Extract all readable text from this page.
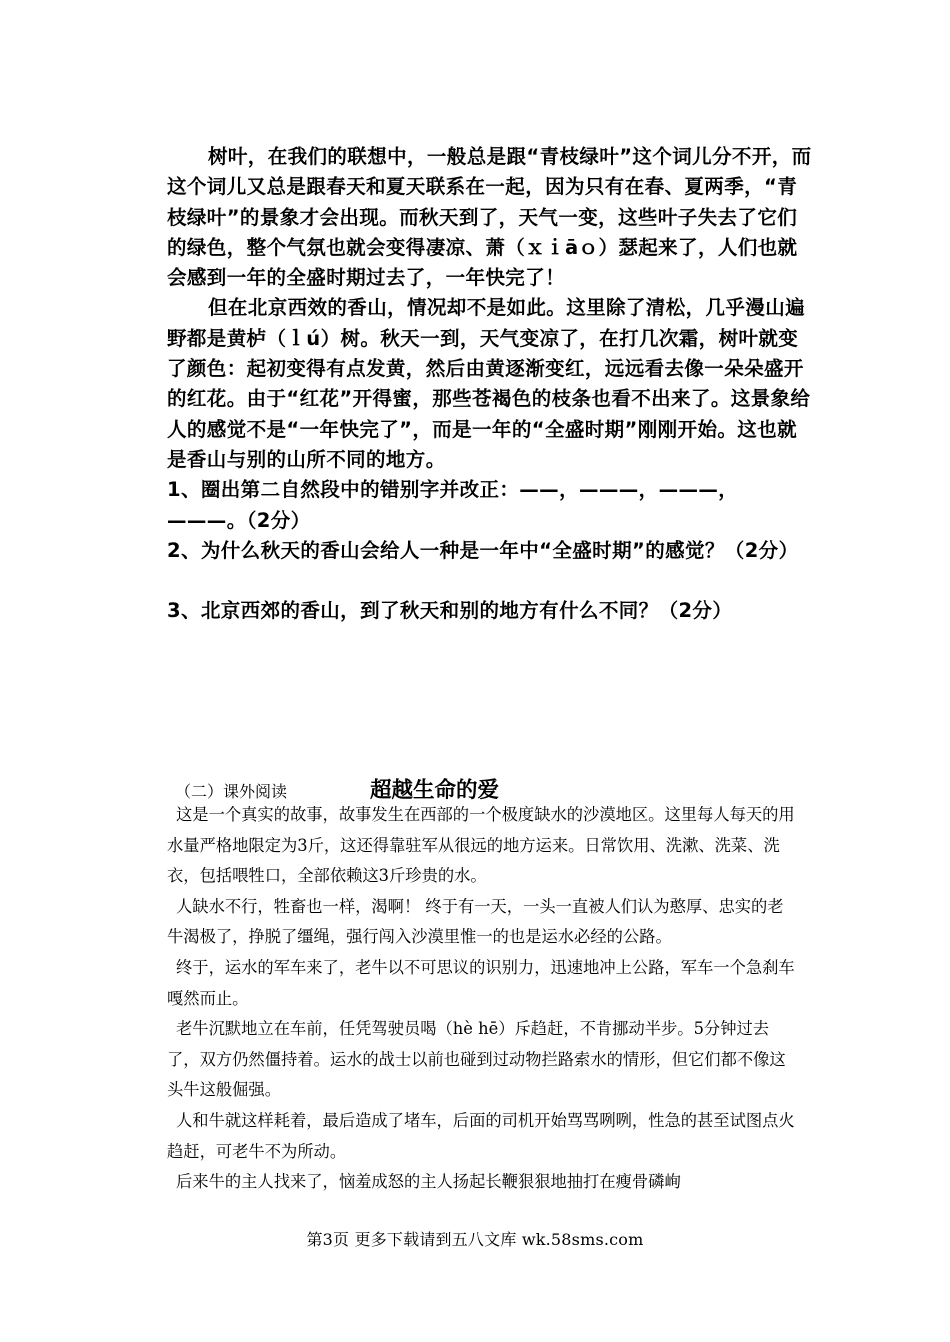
树叶，在我们的联想中，一般总是跟“青枝绿叶”这个词儿分不开，而这个词儿又总是跟春天和夏天联系在一起，因为只有在春、夏两季，“青枝绿叶”的景象才会出现。而秋天到了，天气一变，这些叶子失去了它们的绿色，整个气氛也就会变得凄凉、萧（ｘｉāｏ）瑟起来了，人们也就会感到一年的全盛时期过去了，一年快完了！

但在北京西效的香山，情况却不是如此。这里除了清松，几乎漫山遍野都是黄栌（ｌú）树。秋天一到，天气变凉了，在打几次霜，树叶就变了颜色：起初变得有点发黄，然后由黄逐渐变红，远远看去像一朵朵盛开的红花。由于“红花”开得蜜，那些苍褐色的枝条也看不出来了。这景象给人的感觉不是“一年快完了”，而是一年的“全盛时期”刚刚开始。这也就是香山与别的山所不同的地方。

1、圈出第二自然段中的错别字并改正：——，———，———，———。（2分）

2、为什么秋天的香山会给人一种是一年中“全盛时期”的感觉？（2分）

3、北京西郊的香山，到了秋天和别的地方有什么不同？（2分）

（二）课外阅读	超越生命的爱

这是一个真实的故事，故事发生在西部的一个极度缺水的沙漠地区。这里每人每天的用水量严格地限定为3斤，这还得靠驻军从很远的地方运来。日常饮用、洗漱、洗菜、洗衣，包括喂牲口，全部依赖这3斤珍贵的水。

人缺水不行，牲畜也一样，渴啊！ 终于有一天，一头一直被人们认为憨厚、忠实的老牛渴极了，挣脱了缰绳，强行闯入沙漠里惟一的也是运水必经的公路。

终于，运水的军车来了，老牛以不可思议的识别力，迅速地冲上公路，军车一个急刹车嘎然而止。

老牛沉默地立在车前，任凭驾驶员喝（hè hē）斥趋赶，不肯挪动半步。5分钟过去了，双方仍然僵持着。运水的战士以前也碰到过动物拦路索水的情形，但它们都不像这头牛这般倔强。

人和牛就这样耗着，最后造成了堵车，后面的司机开始骂骂咧咧，性急的甚至试图点火趋赶，可老牛不为所动。

后来牛的主人找来了，恼羞成怒的主人扬起长鞭狠狠地抽打在瘦骨磷峋

第3页 更多下载请到五八文库 wk.58sms.com
